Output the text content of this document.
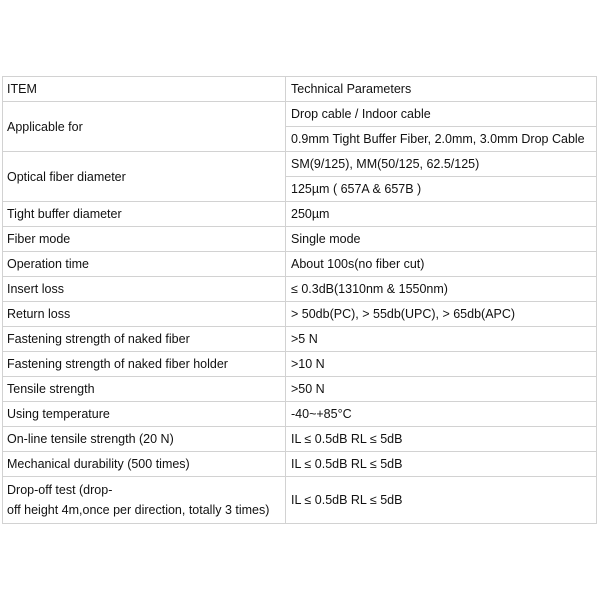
ITEM	Technical Parameters
Applicable for	Drop cable / Indoor cable
	0.9mm Tight Buffer Fiber, 2.0mm, 3.0mm Drop Cable
Optical fiber diameter	SM(9/125), MM(50/125, 62.5/125)
	125µm ( 657A & 657B )
Tight buffer diameter	250µm
Fiber mode	Single mode
Operation time	About 100s(no fiber cut)
Insert loss	≤ 0.3dB(1310nm & 1550nm)
Return loss	> 50db(PC), > 55db(UPC), > 65db(APC)
Fastening strength of naked fiber	>5 N
Fastening strength of naked fiber holder	>10 N
Tensile strength	>50 N
Using temperature	-40~+85°C
On-line tensile strength (20 N)	IL ≤ 0.5dB RL ≤ 5dB
Mechanical durability (500 times)	IL ≤ 0.5dB RL ≤ 5dB

Drop-off test (drop-
off height 4m,once per direction, totally 3 times)	IL ≤ 0.5dB RL ≤ 5dB
